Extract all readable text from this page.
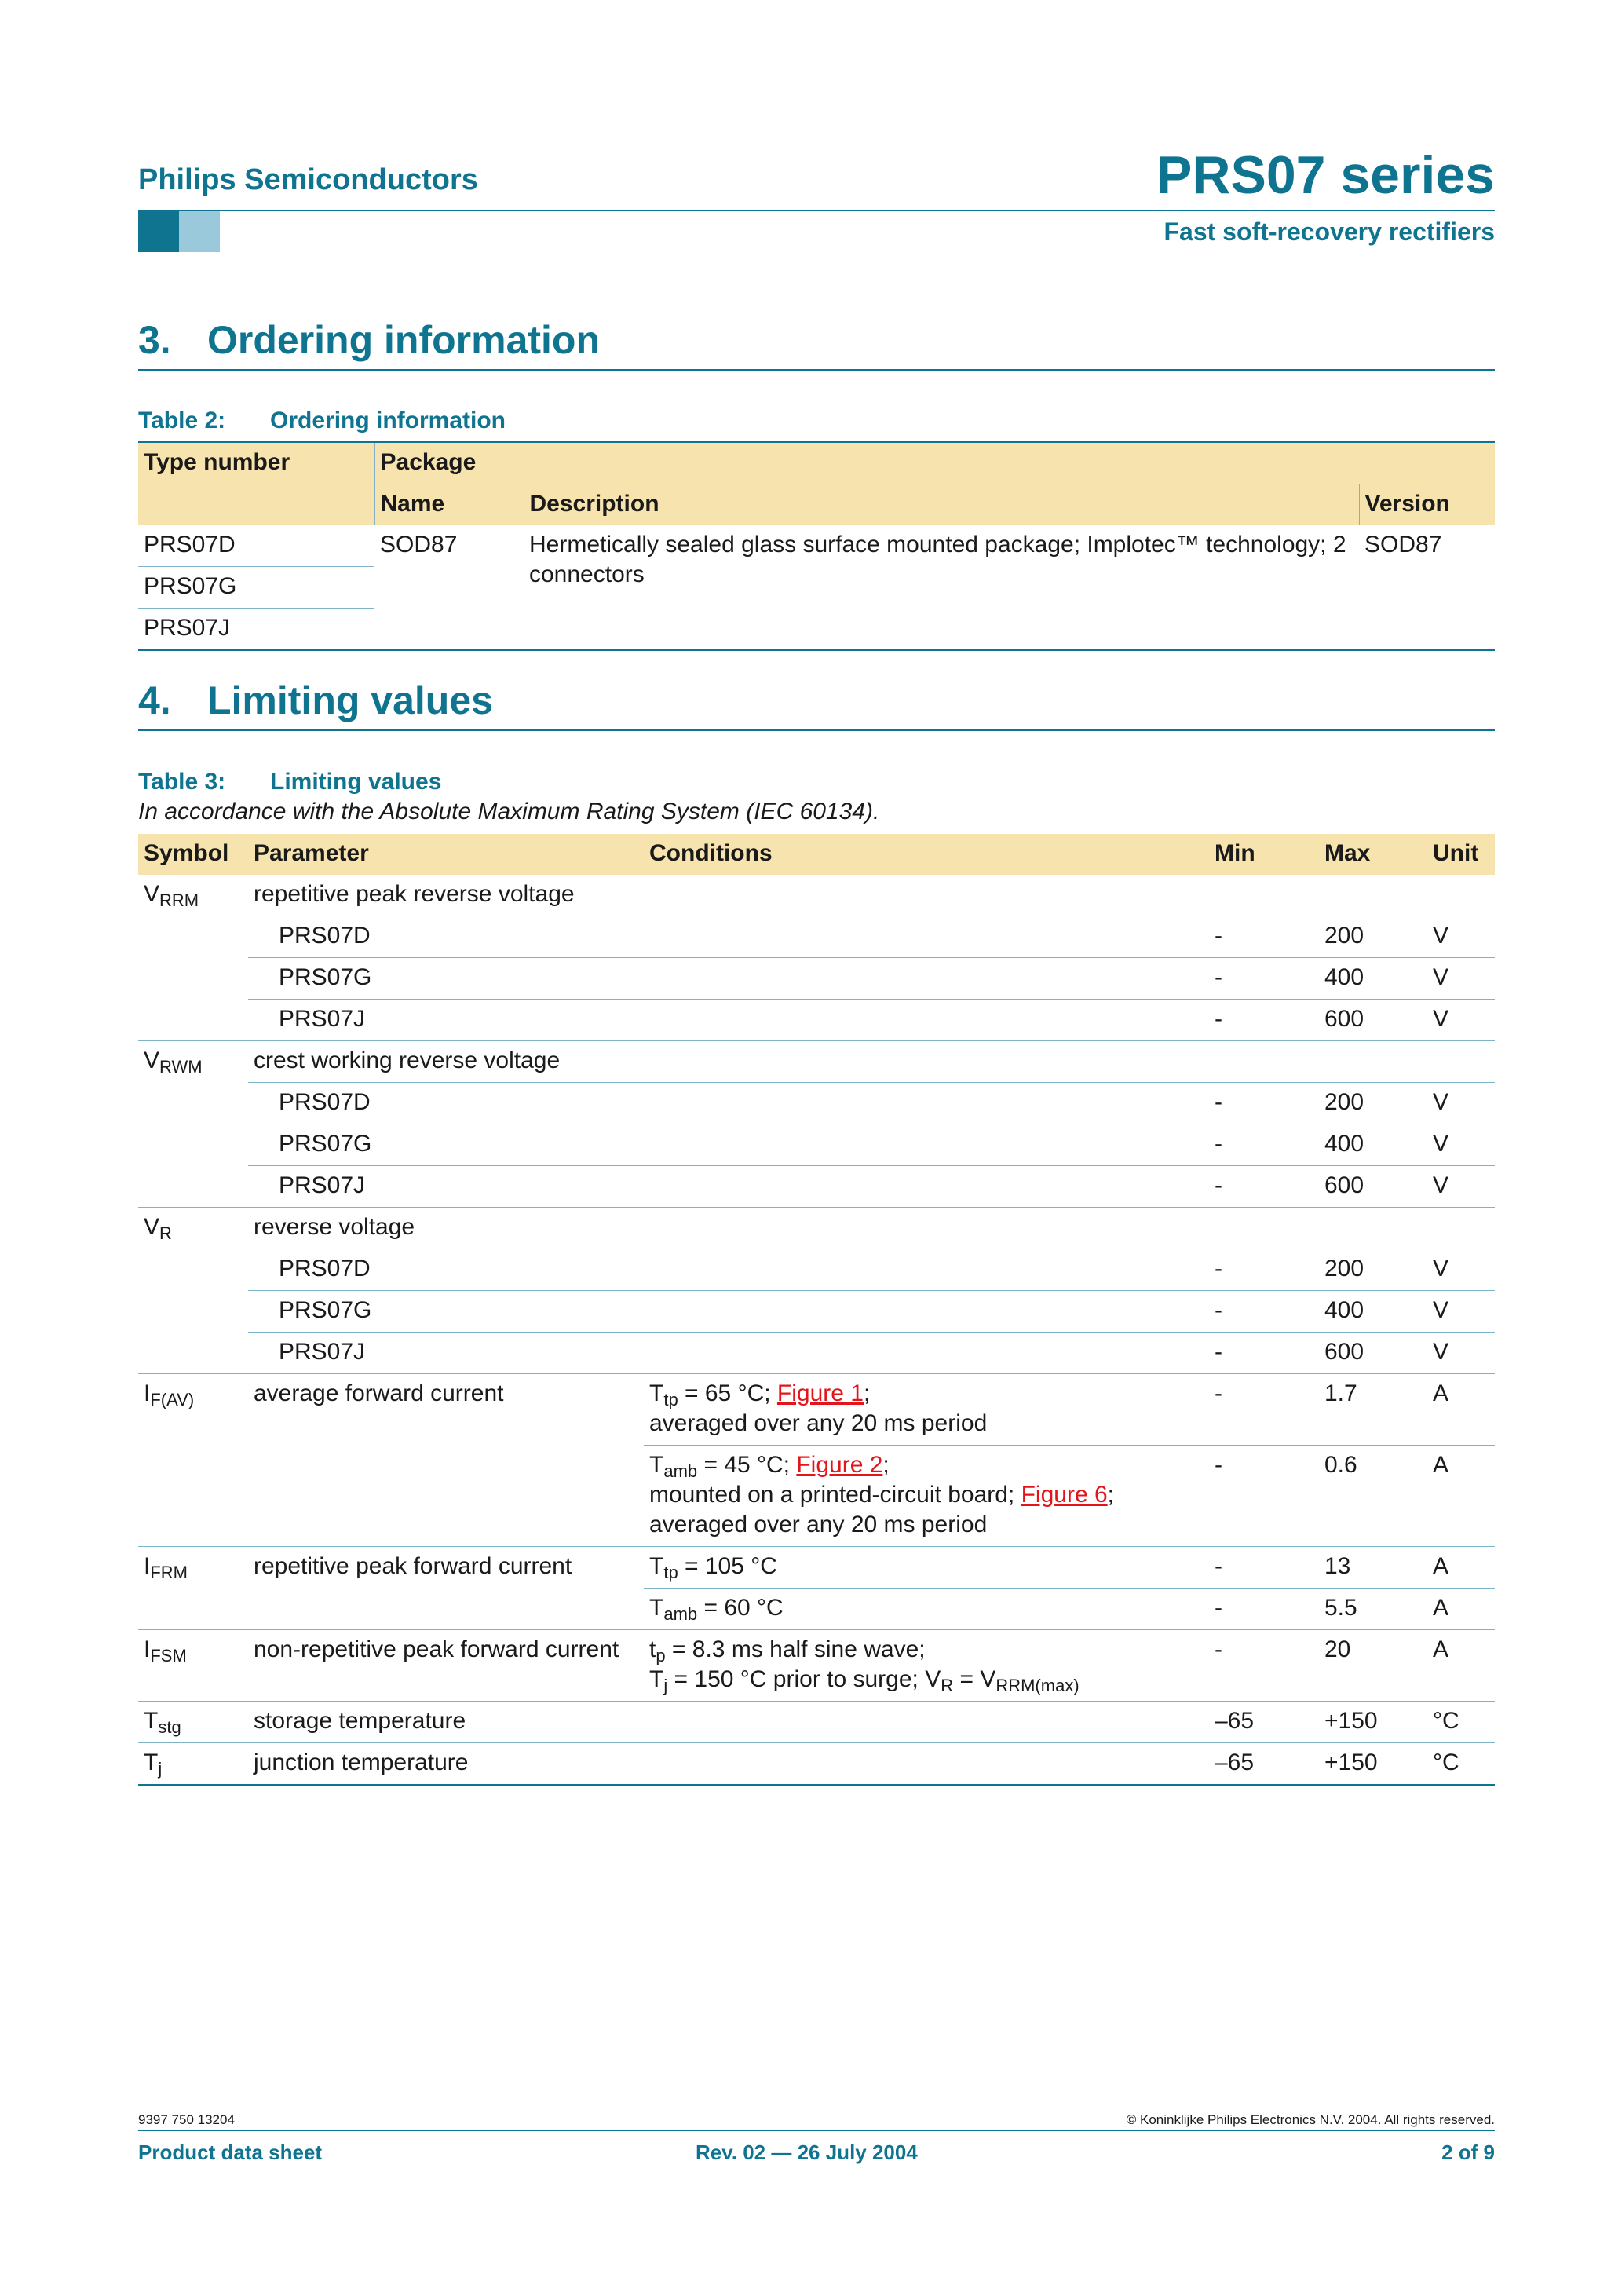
Philips Semiconductors	PRS07 series
Fast soft-recovery rectifiers
3. Ordering information
Table 2: Ordering information
Type number	Package		
	Name	Description	Version
PRS07D	SOD87	Hermetically sealed glass surface mounted package; Implotec™ technology; 2 connectors	SOD87
PRS07G			
PRS07J			
4. Limiting values
Table 3: Limiting values
In accordance with the Absolute Maximum Rating System (IEC 60134).
Symbol	Parameter	Conditions	Min	Max	Unit
$V_{RRM}$	repetitive peak reverse voltage				
	PRS07D		-	200	V
	PRS07G		-	400	V
	PRS07J		-	600	V
$V_{RWM}$	crest working reverse voltage				
	PRS07D		-	200	V
	PRS07G		-	400	V
	PRS07J		-	600	V
$V_R$	reverse voltage				
	PRS07D		-	200	V
	PRS07G		-	400	V
	PRS07J		-	600	V
$I_{F(AV)}$	average forward current	$T_{tp} = 65$ °C; Figure 1;
averaged over any 20 ms period	-	1.7	A
		$T_{amb} = 45$ °C; Figure 2;
mounted on a printed-circuit board; Figure 6;
averaged over any 20 ms period	-	0.6	A
$I_{FRM}$	repetitive peak forward current	$T_{tp} = 105$ °C	-	13	A
		$T_{amb} = 60$ °C	-	5.5	A
$I_{FSM}$	non-repetitive peak forward current	$t_p = 8.3$ ms half sine wave;
$T_j = 150$ °C prior to surge; $V_R = V_{RRM(max)}$	-	20	A
$T_{stg}$	storage temperature		–65	+150	°C
$T_j$	junction temperature		–65	+150	°C
9397 750 13204	© Koninklijke Philips Electronics N.V. 2004. All rights reserved.
Product data sheet	Rev. 02 — 26 July 2004	2 of 9
